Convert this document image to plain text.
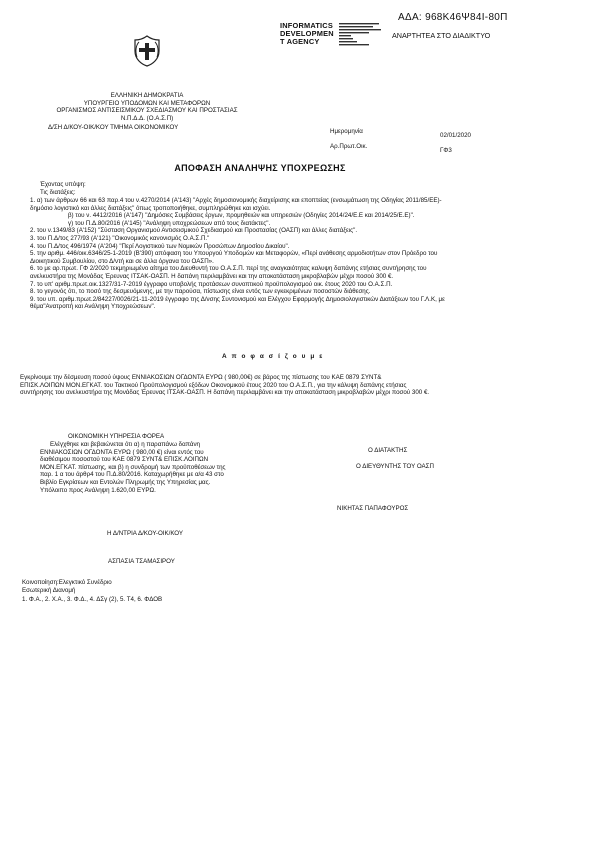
ΑΔΑ: 968Κ46Ψ84Ι-80Π
INFORMATICS
DEVELOPMEN
T AGENCY
ΑΝΑΡΤΗΤΕΑ ΣΤΟ ΔΙΑΔΙΚΤΥΟ
ΕΛΛΗΝΙΚΗ ΔΗΜΟΚΡΑΤΙΑ
ΥΠΟΥΡΓΕΙΟ ΥΠΟΔΟΜΩΝ ΚΑΙ ΜΕΤΑΦΟΡΩΝ
ΟΡΓΑΝΙΣΜΟΣ ΑΝΤΙΣΕΙΣΜΙΚΟΥ ΣΧΕΔΙΑΣΜΟΥ ΚΑΙ ΠΡΟΣΤΑΣΙΑΣ
Ν.Π.Δ.Δ. (Ο.Α.Σ.Π)
Δ/ΣΗ Δ/ΚΟΥ-ΟΙΚ/ΚΟΥ ΤΜΗΜΑ ΟΙΚΟΝΟΜΙΚΟΥ
Ημερομηνία
02/01/2020
Αρ.Πρωτ.Οικ.
ΓΦ3
ΑΠΟΦΑΣΗ ΑΝΑΛΗΨΗΣ ΥΠΟΧΡΕΩΣΗΣ
Έχοντας υπόψη:
Τις διατάξεις:

1. α) των άρθρων 66 και 63 παρ.4 του ν.4270/2014 (Α'143) "Αρχές δημοσιονομικής διαχείρισης και εποπτείας (ενσωμάτωση της Οδηγίας 2011/85/ΕΕ)-

δημόσιο λογιστικό και άλλες διατάξεις" όπως τροποποιήθηκε, συμπληρώθηκε και ισχύει.

β) του ν. 4412/2016 (Α'147) "Δημόσιες Συμβάσεις έργων, προμηθειών και υπηρεσιών (Οδηγίες 2014/24/Ε.Ε και 2014/25/Ε.Ε)".

γ) του Π.Δ.80/2016 (Α'145) "Ανάληψη υποχρεώσεων από τους διατάκτες".

2. του ν.1349/83 (Α'152) "Σύσταση Οργανισμού Αντισεισμικού Σχεδιασμού και Προστασίας (ΟΑΣΠ) και άλλες διατάξεις".

3. του Π.Δ/τος 277/93 (Α'121) "Οικονομικός κανονισμός Ο.Α.Σ.Π."

4. του Π.Δ/τος 496/1974 (Α'204) "Περί Λογιστικού των Νομικών Προσώπων Δημοσίου Δικαίου".

5. την αριθμ. 446/οικ.6346/25-1-2019 (Β'390) απόφαση του Υπουργού Υποδομών και Μεταφορών, «Περί ανάθεσης αρμοδιοτήτων στον Πρόεδρο του

Διοικητικού Συμβουλίου, στο Δ/ντή και σε άλλα όργανα του ΟΑΣΠ».

6. το με αρ.πρωτ. ΓΦ 2/2020 τεκμηριωμένο αίτημα του Διευθυντή του Ο.Α.Σ.Π. περί της αναγκαιότητας καλυψη δαπάνης ετήσιας συντήρησης του

ανελκυστήρα της Μονάδας Έρευνας ΙΤΣΑΚ-ΟΑΣΠ. Η δαπάνη περιλαμβάνει και την αποκατάσταση μικροβλαβών μέχρι ποσού 300 €.

7. το υπ' αριθμ.πρωτ.οικ.1327/31-7-2019 έγγραφο υποβολής προτάσεων συνοπτικού προϋπολογισμού οικ. έτους 2020 του Ο.Α.Σ.Π.

8. το γεγονός ότι, το ποσό της δεσμευόμενης, με την παρούσα, πίστωσης είναι εντός των εγκεκριμένων ποσοστών διάθεσης.

9. του υπ. αριθμ.πρωτ.2/84227/0026/21-11-2019 έγγραφο της Δ/νσης Συντονισμού και Ελέγχου Εφαρμογής Δημοσιολογιστικών Διατάξεων του Γ.Λ.Κ, με

θέμα"Ανατροπή και Ανάληψη Υποχρεώσεων".

Α π ο φ α σ ί ζ ο υ μ ε
Εγκρίνουμε την δέσμευση ποσού ύψους ΕΝΝΙΑΚΟΣΙΩΝ ΟΓΔΟΝΤΑ ΕΥΡΩ ( 980,00€) σε βάρος της πίστωσης του ΚΑΕ 0879 ΣΥΝΤ&
ΕΠΙΣΚ.ΛΟΙΠΩΝ ΜΟΝ.ΕΓΚΑΤ. του Τακτικού Προϋπολογισμού εξόδων Οικονομικού έτους 2020 του Ο.Α.Σ.Π., για την κάλυψη δαπάνης ετήσιας
συντήρησης του ανελκυστήρα της Μονάδας Έρευνας ΙΤΣΑΚ-ΟΑΣΠ. Η δαπάνη περιλαμβάνει και την αποκατάσταση μικροβλαβών μέχρι ποσού 300 €.
ΟΙΚΟΝΟΜΙΚΗ ΥΠΗΡΕΣΙΑ ΦΟΡΕΑ
Ελέγχθηκε και βεβαιώνεται ότι α) η παραπάνω δαπάνη
ΕΝΝΙΑΚΟΣΙΩΝ ΟΓΔΟΝΤΑ ΕΥΡΩ ( 980,00 €) είναι εντός του
διαθέσιμου ποσοστού του ΚΑΕ 0879 ΣΥΝΤ& ΕΠΙΣΚ.ΛΟΙΠΩΝ
ΜΟΝ.ΕΓΚΑΤ. πίστωσης, και β) η συνδρομή των προϋποθέσεων της
παρ. 1 α του άρθρ4 του Π.Δ.80/2016. Καταχωρήθηκε με α/α 43 στο
Βιβλίο Εγκρίσεων και Εντολών Πληρωμής της Υπηρεσίας μας.
Υπόλοιπο προς Ανάληψη 1.620,00 ΕΥΡΩ.
Η Δ/ΝΤΡΙΑ Δ/ΚΟΥ-ΟΙΚ/ΚΟΥ
ΑΣΠΑΣΙΑ ΤΣΑΜΑΣΙΡΟΥ
Ο ΔΙΑΤΑΚΤΗΣ
Ο ΔΙΕΥΘΥΝΤΗΣ ΤΟΥ ΟΑΣΠ
ΝΙΚΗΤΑΣ ΠΑΠΑΦΟΥΡΟΣ
Κοινοποίηση:Ελεγκτικό Συνέδριο
Εσωτερική Διανομή
1. Φ.Α., 2. Χ.Α., 3. Φ.Δ., 4. ΔΣγ (2), 5. Τ4, 6. ΦΔΟΒ
